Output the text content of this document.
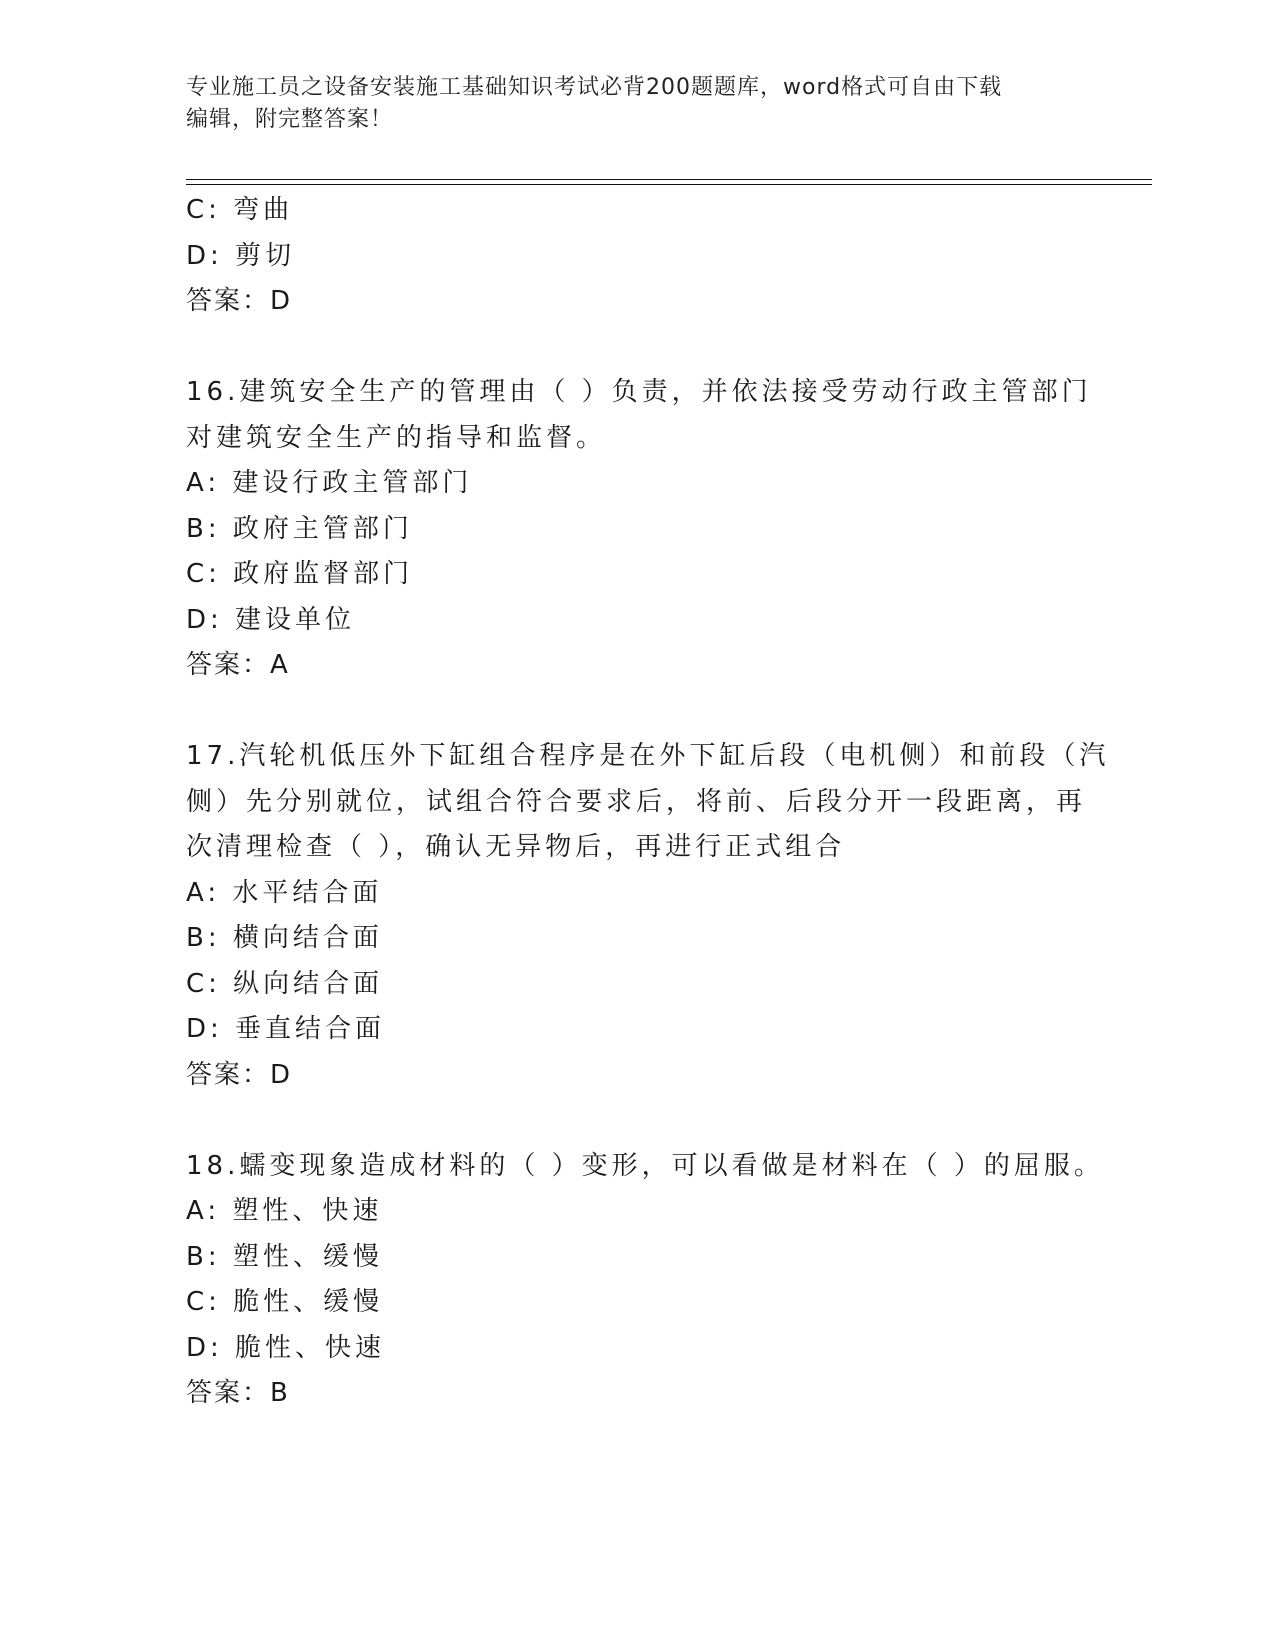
专业施工员之设备安装施工基础知识考试必背200题题库，word格式可自由下载
编辑，附完整答案！
C: 弯曲
D: 剪切
答案：D
16.建筑安全生产的管理由（ ）负责，并依法接受劳动行政主管部门
对建筑安全生产的指导和监督。
A: 建设行政主管部门
B: 政府主管部门
C: 政府监督部门
D: 建设单位
答案：A
17.汽轮机低压外下缸组合程序是在外下缸后段（电机侧）和前段（汽
侧）先分别就位，试组合符合要求后，将前、后段分开一段距离，再
次清理检查（ ），确认无异物后，再进行正式组合
A: 水平结合面
B: 横向结合面
C: 纵向结合面
D: 垂直结合面
答案：D
18.蠕变现象造成材料的（ ）变形，可以看做是材料在（ ）的屈服。
A: 塑性、快速
B: 塑性、缓慢
C: 脆性、缓慢
D: 脆性、快速
答案：B
